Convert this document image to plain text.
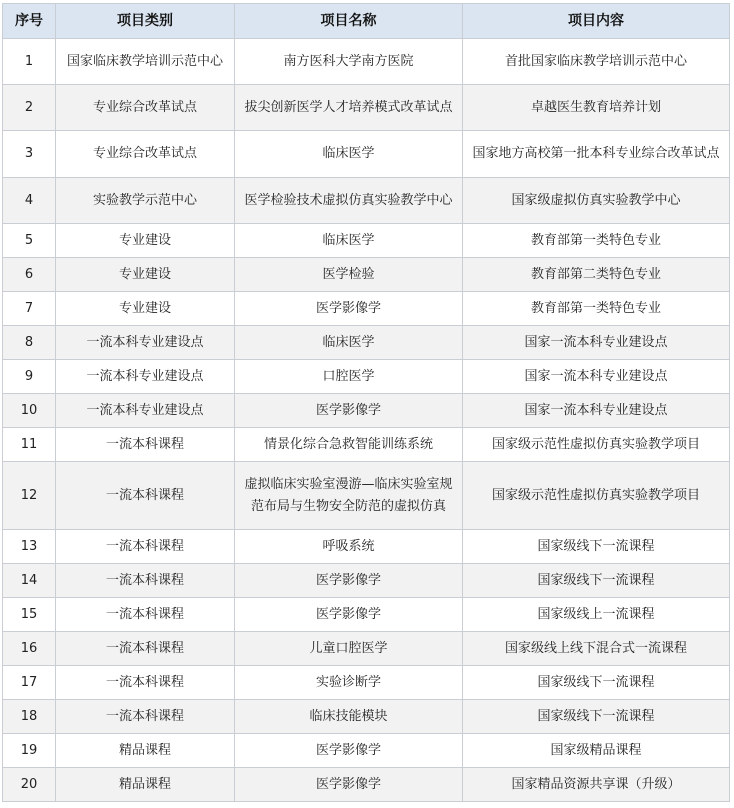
序号	项目类别	项目名称	项目内容
1	国家临床教学培训示范中心	南方医科大学南方医院	首批国家临床教学培训示范中心
2	专业综合改革试点	拔尖创新医学人才培养模式改革试点	卓越医生教育培养计划
3	专业综合改革试点	临床医学	国家地方高校第一批本科专业综合改革试点
4	实验教学示范中心	医学检验技术虚拟仿真实验教学中心	国家级虚拟仿真实验教学中心
5	专业建设	临床医学	教育部第一类特色专业
6	专业建设	医学检验	教育部第二类特色专业
7	专业建设	医学影像学	教育部第一类特色专业
8	一流本科专业建设点	临床医学	国家一流本科专业建设点
9	一流本科专业建设点	口腔医学	国家一流本科专业建设点
10	一流本科专业建设点	医学影像学	国家一流本科专业建设点
11	一流本科课程	情景化综合急救智能训练系统	国家级示范性虚拟仿真实验教学项目
12	一流本科课程	虚拟临床实验室漫游—临床实验室规范布局与生物安全防范的虚拟仿真	国家级示范性虚拟仿真实验教学项目
13	一流本科课程	呼吸系统	国家级线下一流课程
14	一流本科课程	医学影像学	国家级线下一流课程
15	一流本科课程	医学影像学	国家级线上一流课程
16	一流本科课程	儿童口腔医学	国家级线上线下混合式一流课程
17	一流本科课程	实验诊断学	国家级线下一流课程
18	一流本科课程	临床技能模块	国家级线下一流课程
19	精品课程	医学影像学	国家级精品课程
20	精品课程	医学影像学	国家精品资源共享课（升级）
